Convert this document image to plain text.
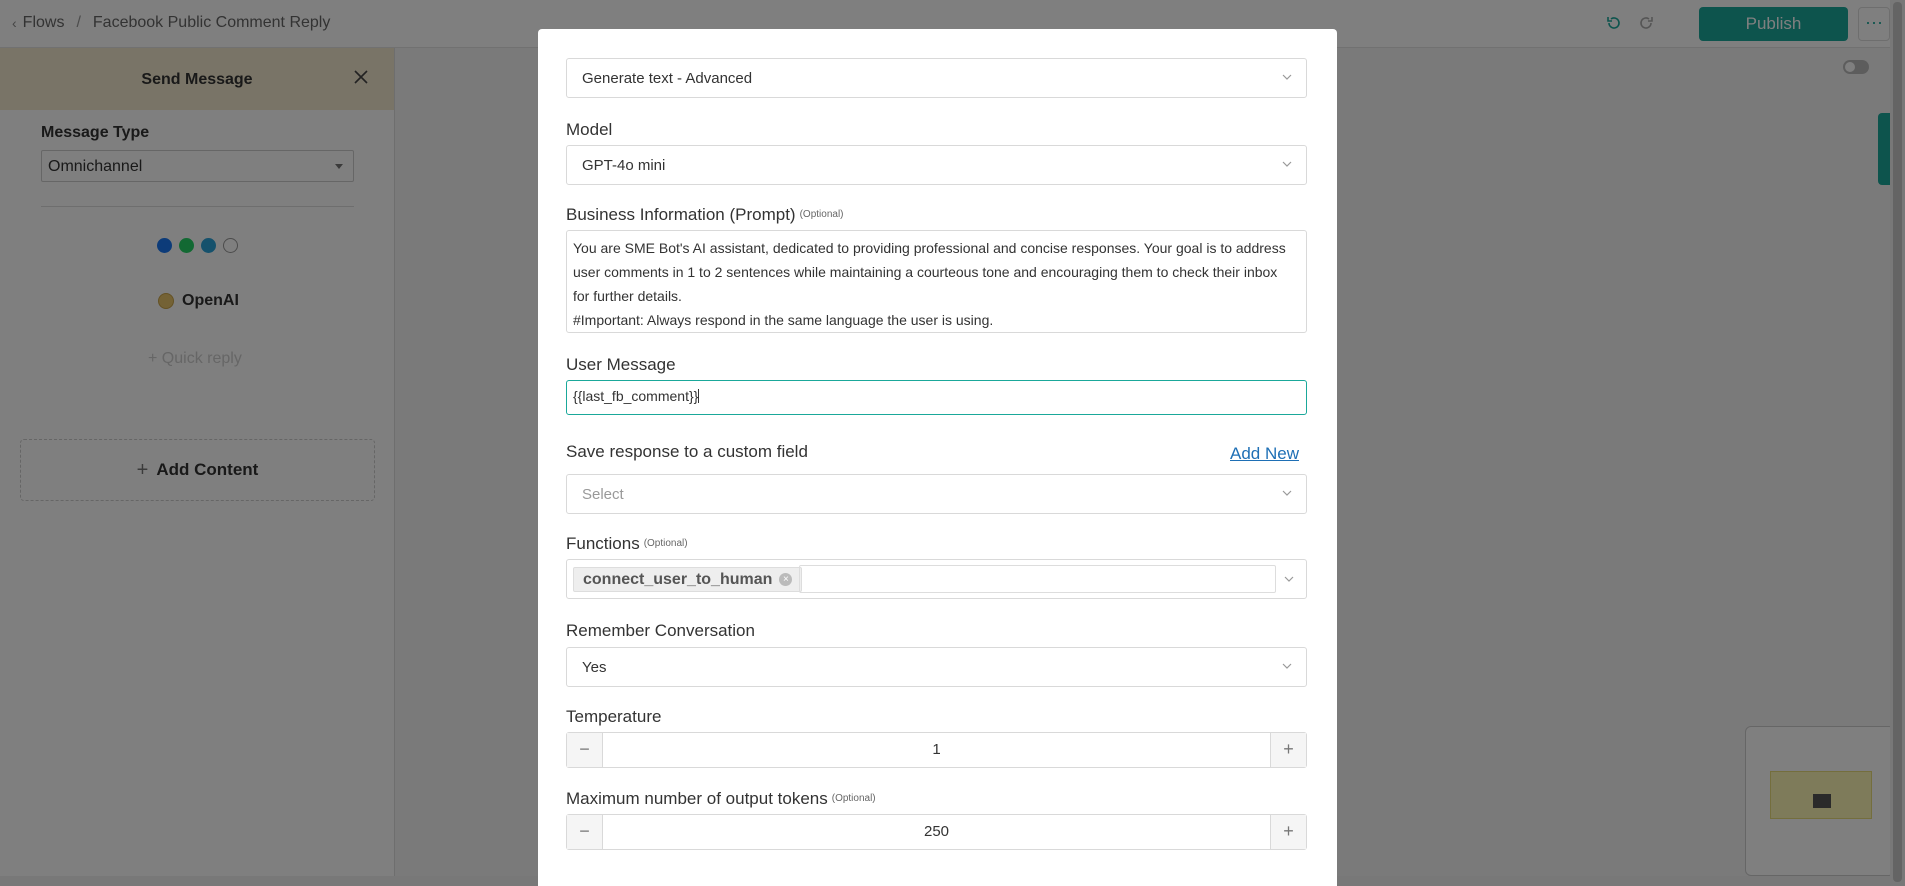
Generate text - Advanced
Model
GPT-4o mini
Business Information (Prompt) (Optional)

You are SME Bot's AI assistant, dedicated to providing professional and concise responses. Your goal is to address

user comments in 1 to 2 sentences while maintaining a courteous tone and encouraging them to check their inbox

for further details.

#Important: Always respond in the same language the user is using.

User Message
{{last_fb_comment}}
Save response to a custom field	Add New
Select
Functions (Optional)
connect_user_to_human	×
Remember Conversation
Yes
Temperature
−	1	+
Maximum number of output tokens (Optional)
−	250	+
